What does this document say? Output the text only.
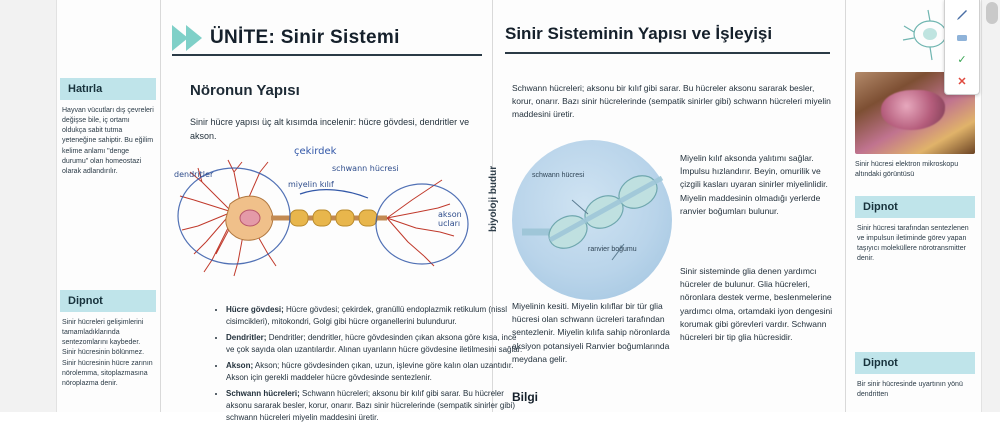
ÜNİTE: Sinir Sistemi	Sinir Sisteminin Yapısı ve İşleyişi
Hatırla
Hayvan vücutları dış çevreleri değişse bile, iç ortamı oldukça sabit tutma yeteneğine sahiptir. Bu eğilim kelime anlamı "denge durumu" olan homeostazi olarak adlandırılır.
Dipnot
Sinir hücreleri gelişimlerini tamamladıklarında sentezomlarını kaybeder. Sinir hücresinin bölünmez. Sinir hücresinin hücre zarının nörolemma, sitoplazmasına nöroplazma denir.
Nöronun Yapısı
Sinir hücre yapısı üç alt kısımda incelenir: hücre gövdesi, dendritler ve akson.
çekirdek
dendritler
miyelin kılıf
schwann hücresi
akson ucları
• Hücre gövdesi; Hücre gövdesi; çekirdek, granüllü endoplazmik retikulum (nissl cisimcikleri), mitokondri, Golgi gibi hücre organellerini bulundurur.
• Dendritler; Dendritler; dendritler, hücre gövdesinden çıkan aksona göre kısa, ince ve çok sayıda olan uzantılardır. Alınan uyarıların hücre gövdesine iletilmesini sağlar.
• Akson; Akson; hücre gövdesinden çıkan, uzun, işlevine göre kalın olan uzantıdır. Akson için gerekli maddeler hücre gövdesinde sentezlenir.
• Schwann hücreleri; Schwann hücreleri; aksonu bir kılıf gibi sarar. Bu hücreler aksonu sararak besler, korur, onarır. Bazı sinir hücrelerinde (sempatik sinirler gibi) schwann hücreleri miyelin maddesini üretir.
Schwann hücreleri; aksonu bir kılıf gibi sarar. Bu hücreler aksonu sararak besler, korur, onarır. Bazı sinir hücrelerinde (sempatik sinirler gibi) schwann hücreleri miyelin maddesini üretir.
schwann hücresi
ranvier boğumu
Miyelin kılıf aksonda yalıtımı sağlar. İmpulsu hızlandırır. Beyin, omurilik ve çizgili kasları uyaran sinirler miyelinlidir. Miyelin maddesinin olmadığı yerlerde ranvier boğumları bulunur.
Sinir sisteminde glia denen yardımcı hücreler de bulunur. Glia hücreleri, nöronlara destek verme, beslenmelerine yardımcı olma, ortamdaki iyon dengesini korumak gibi görevleri vardır. Schwann hücreleri bir tip glia hücresidir.
Miyelinin kesiti. Miyelin kılıflar bir tür glia hücresi olan schwann ücreleri tarafından sentezlenir. Miyelin kılıfa sahip nöronlarda aksiyon potansiyeli Ranvier boğumlarında meydana gelir.
biyoloji budur
Bilgi
Sinir hücresi elektron mikroskopu altındaki görüntüsü
Dipnot
Sinir hücresi tarafından sentezlenen ve impulsun iletiminde görev yapan taşıyıcı moleküllere nörotransmitter denir.
Dipnot
Bir sinir hücresinde uyartının yönü dendritten
✓
✕
